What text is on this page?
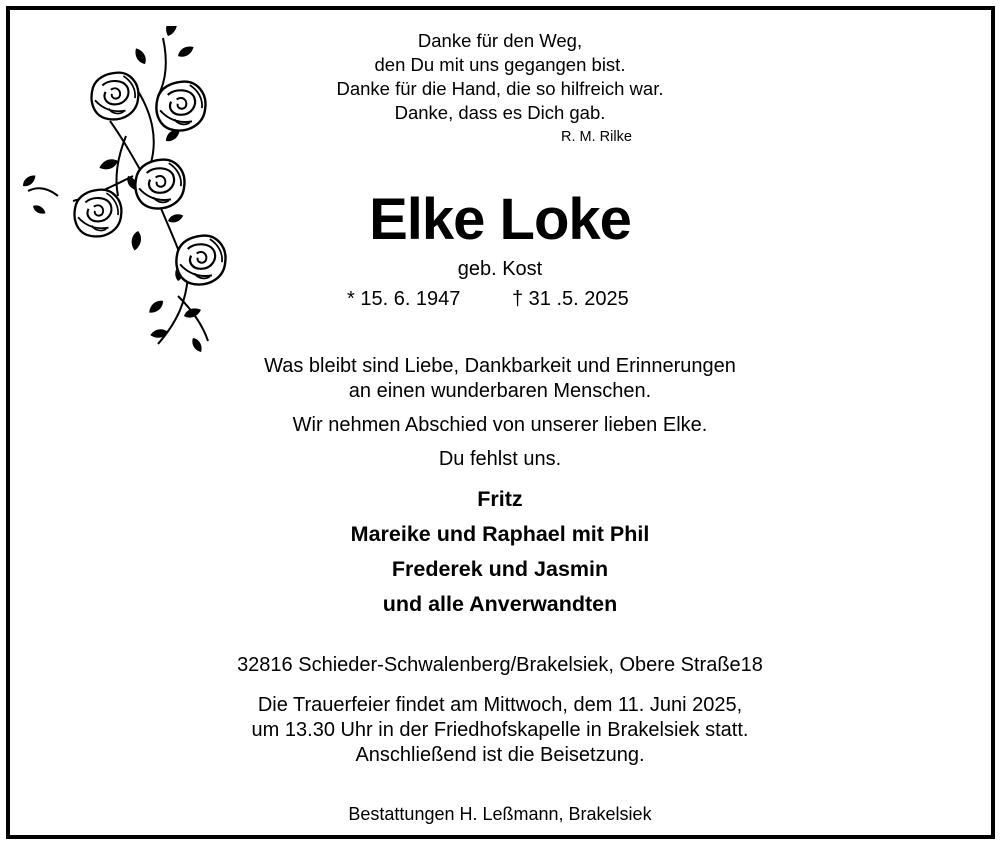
Danke für den Weg,
den Du mit uns gegangen bist.
Danke für die Hand, die so hilfreich war.
Danke, dass es Dich gab.
R. M. Rilke
Elke Loke
geb. Kost
* 15. 6. 1947	† 31 .5. 2025
Was bleibt sind Liebe, Dankbarkeit und Erinnerungen
an einen wunderbaren Menschen.
Wir nehmen Abschied von unserer lieben Elke.
Du fehlst uns.
Fritz
Mareike und Raphael mit Phil
Frederek und Jasmin
und alle Anverwandten
32816 Schieder-Schwalenberg/Brakelsiek, Obere Straße18
Die Trauerfeier findet am Mittwoch, dem 11. Juni 2025,
um 13.30 Uhr in der Friedhofskapelle in Brakelsiek statt.
Anschließend ist die Beisetzung.
Bestattungen H. Leßmann, Brakelsiek
